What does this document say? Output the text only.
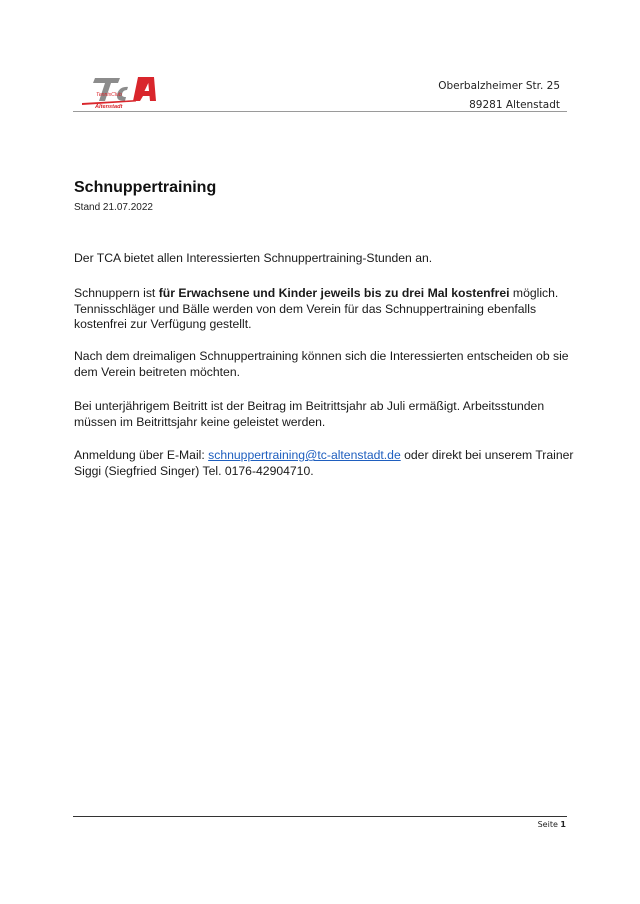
TennisClub
Altenstadt
Oberbalzheimer Str. 25
89281 Altenstadt
Schnuppertraining
Stand 21.07.2022

Der TCA bietet allen Interessierten Schnuppertraining-Stunden an.

Schnuppern ist für Erwachsene und Kinder jeweils bis zu drei Mal kostenfrei möglich. Tennisschläger und Bälle werden von dem Verein für das Schnuppertraining ebenfalls kostenfrei zur Verfügung gestellt.

Nach dem dreimaligen Schnuppertraining können sich die Interessierten entscheiden ob sie dem Verein beitreten möchten.

Bei unterjährigem Beitritt ist der Beitrag im Beitrittsjahr ab Juli ermäßigt. Arbeitsstunden müssen im Beitrittsjahr keine geleistet werden.

Anmeldung über E-Mail: schnuppertraining@tc-altenstadt.de oder direkt bei unserem Trainer Siggi (Siegfried Singer) Tel. 0176-42904710.

Seite 1
